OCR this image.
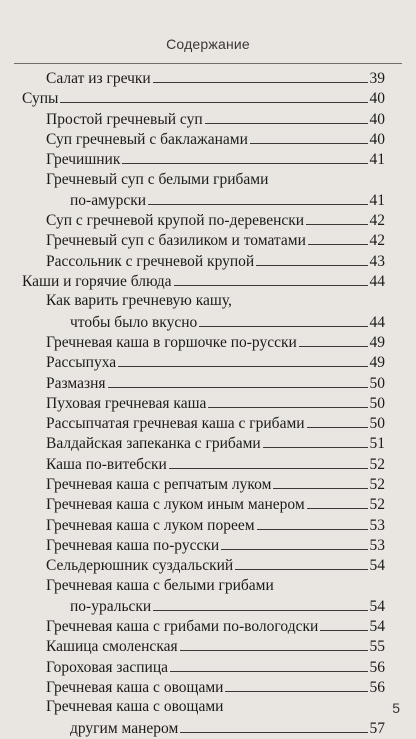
Содержание
Салат из гречки	39
Супы	40
Простой гречневый суп	40
Суп гречневый с баклажанами	40
Гречишник	41
Гречневый суп с белыми грибами
по-амурски	41
Суп с гречневой крупой по-деревенски	42
Гречневый суп с базиликом и томатами	42
Рассольник с гречневой крупой	43
Каши и горячие блюда	44
Как варить гречневую кашу,
чтобы было вкусно	44
Гречневая каша в горшочке по-русски	49
Рассыпуха	49
Размазня	50
Пуховая гречневая каша	50
Рассыпчатая гречневая каша с грибами	50
Валдайская запеканка с грибами	51
Каша по-витебски	52
Гречневая каша с репчатым луком	52
Гречневая каша с луком иным манером	52
Гречневая каша с луком пореем	53
Гречневая каша по-русски	53
Сельдерюшник суздальский	54
Гречневая каша с белыми грибами
по-уральски	54
Гречневая каша с грибами по-вологодски	54
Кашица смоленская	55
Гороховая заспица	56
Гречневая каша с овощами	56
Гречневая каша с овощами
другим манером	57
5
